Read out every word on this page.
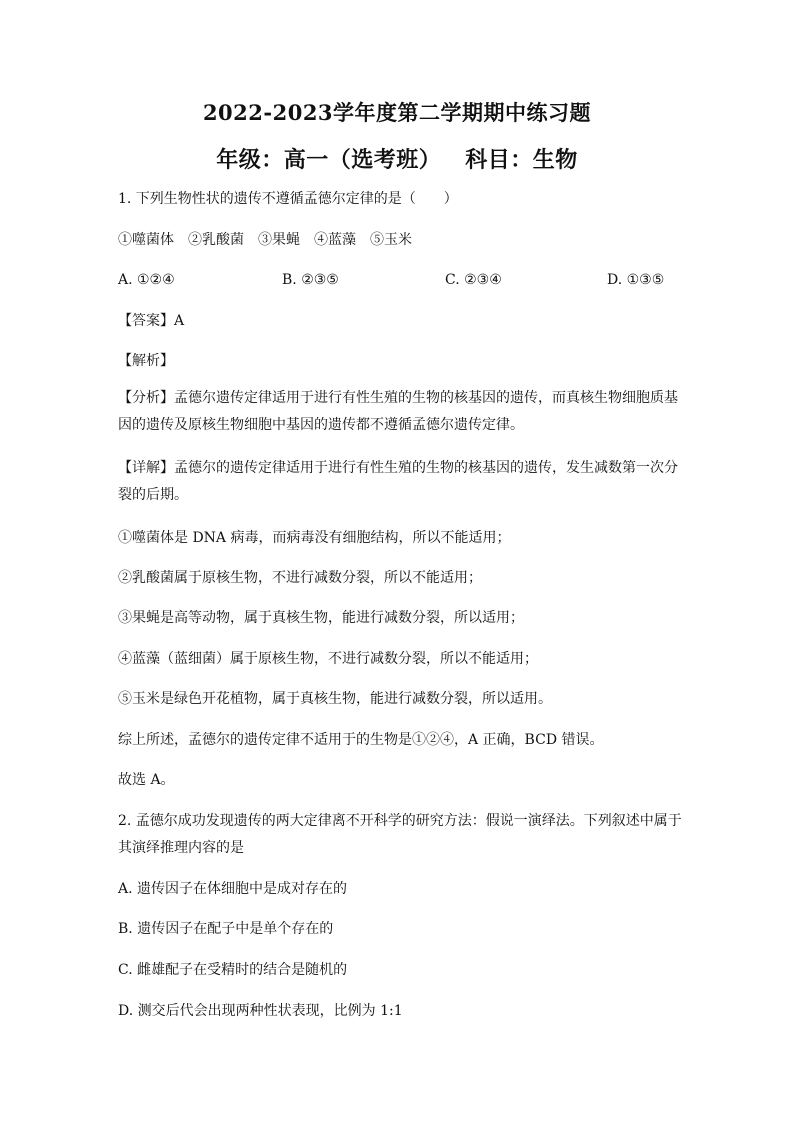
2022-2023学年度第二学期期中练习题
年级：高一（选考班） 科目：生物
1. 下列生物性状的遗传不遵循孟德尔定律的是（　　）
①噬菌体　②乳酸菌　③果蝇　④蓝藻　⑤玉米
A. ①②④	B. ②③⑤	C. ②③④	D. ①③⑤
【答案】A
【解析】
【分析】孟德尔遗传定律适用于进行有性生殖的生物的核基因的遗传，而真核生物细胞质基因的遗传及原核生物细胞中基因的遗传都不遵循孟德尔遗传定律。
【详解】孟德尔的遗传定律适用于进行有性生殖的生物的核基因的遗传，发生减数第一次分裂的后期。
①噬菌体是 DNA 病毒，而病毒没有细胞结构，所以不能适用；
②乳酸菌属于原核生物，不进行减数分裂，所以不能适用；
③果蝇是高等动物，属于真核生物，能进行减数分裂，所以适用；
④蓝藻（蓝细菌）属于原核生物，不进行减数分裂，所以不能适用；
⑤玉米是绿色开花植物，属于真核生物，能进行减数分裂，所以适用。
综上所述，孟德尔的遗传定律不适用于的生物是①②④，A 正确，BCD 错误。
故选 A。
2. 孟德尔成功发现遗传的两大定律离不开科学的研究方法：假说一演绎法。下列叙述中属于其演绎推理内容的是
A. 遗传因子在体细胞中是成对存在的
B. 遗传因子在配子中是单个存在的
C. 雌雄配子在受精时的结合是随机的
D. 测交后代会出现两种性状表现，比例为 1:1
